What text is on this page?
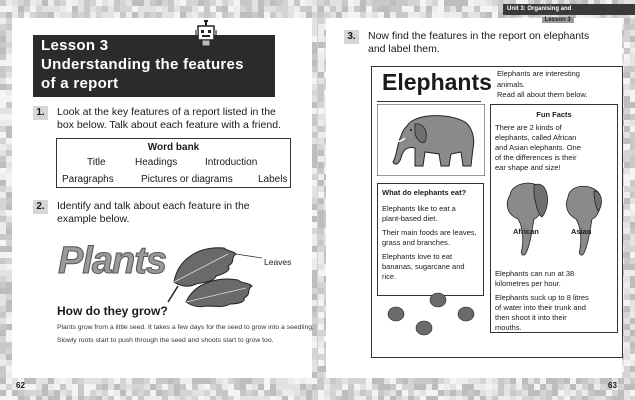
Unit 3: Organising and presenting Lesson 3
Lesson 3
Understanding the features
of a report
1.	Look at the key features of a report listed in the
box below. Talk about each feature with a friend.
Word bank
Title	Headings	Introduction
Paragraphs	Pictures or diagrams	Labels
2.	Identify and talk about each feature in the
example below.
Plants	Leaves
How do they grow?
Plants grow from a little seed. It takes a few days for the seed to grow into a seedling.
Slowly roots start to push through the seed and shoots start to grow too.
3.	Now find the features in the report on elephants
and label them.
Elephants Elephants are interesting
animals.
Read all about them below.
What do elephants eat?

Elephants like to eat a
plant-based diet.

Their main foods are leaves,
grass and branches.

Elephants love to eat
bananas, sugarcane and
rice.

Fun Facts

There are 2 kinds of
elephants, called African
and Asian elephants. One
of the differences is their
ear shape and size!

African	Asian

Elephants can run at 38
kilometres per hour.

Elephants suck up to 8 litres
of water into their trunk and
then shoot it into their
mouths.

62	63
